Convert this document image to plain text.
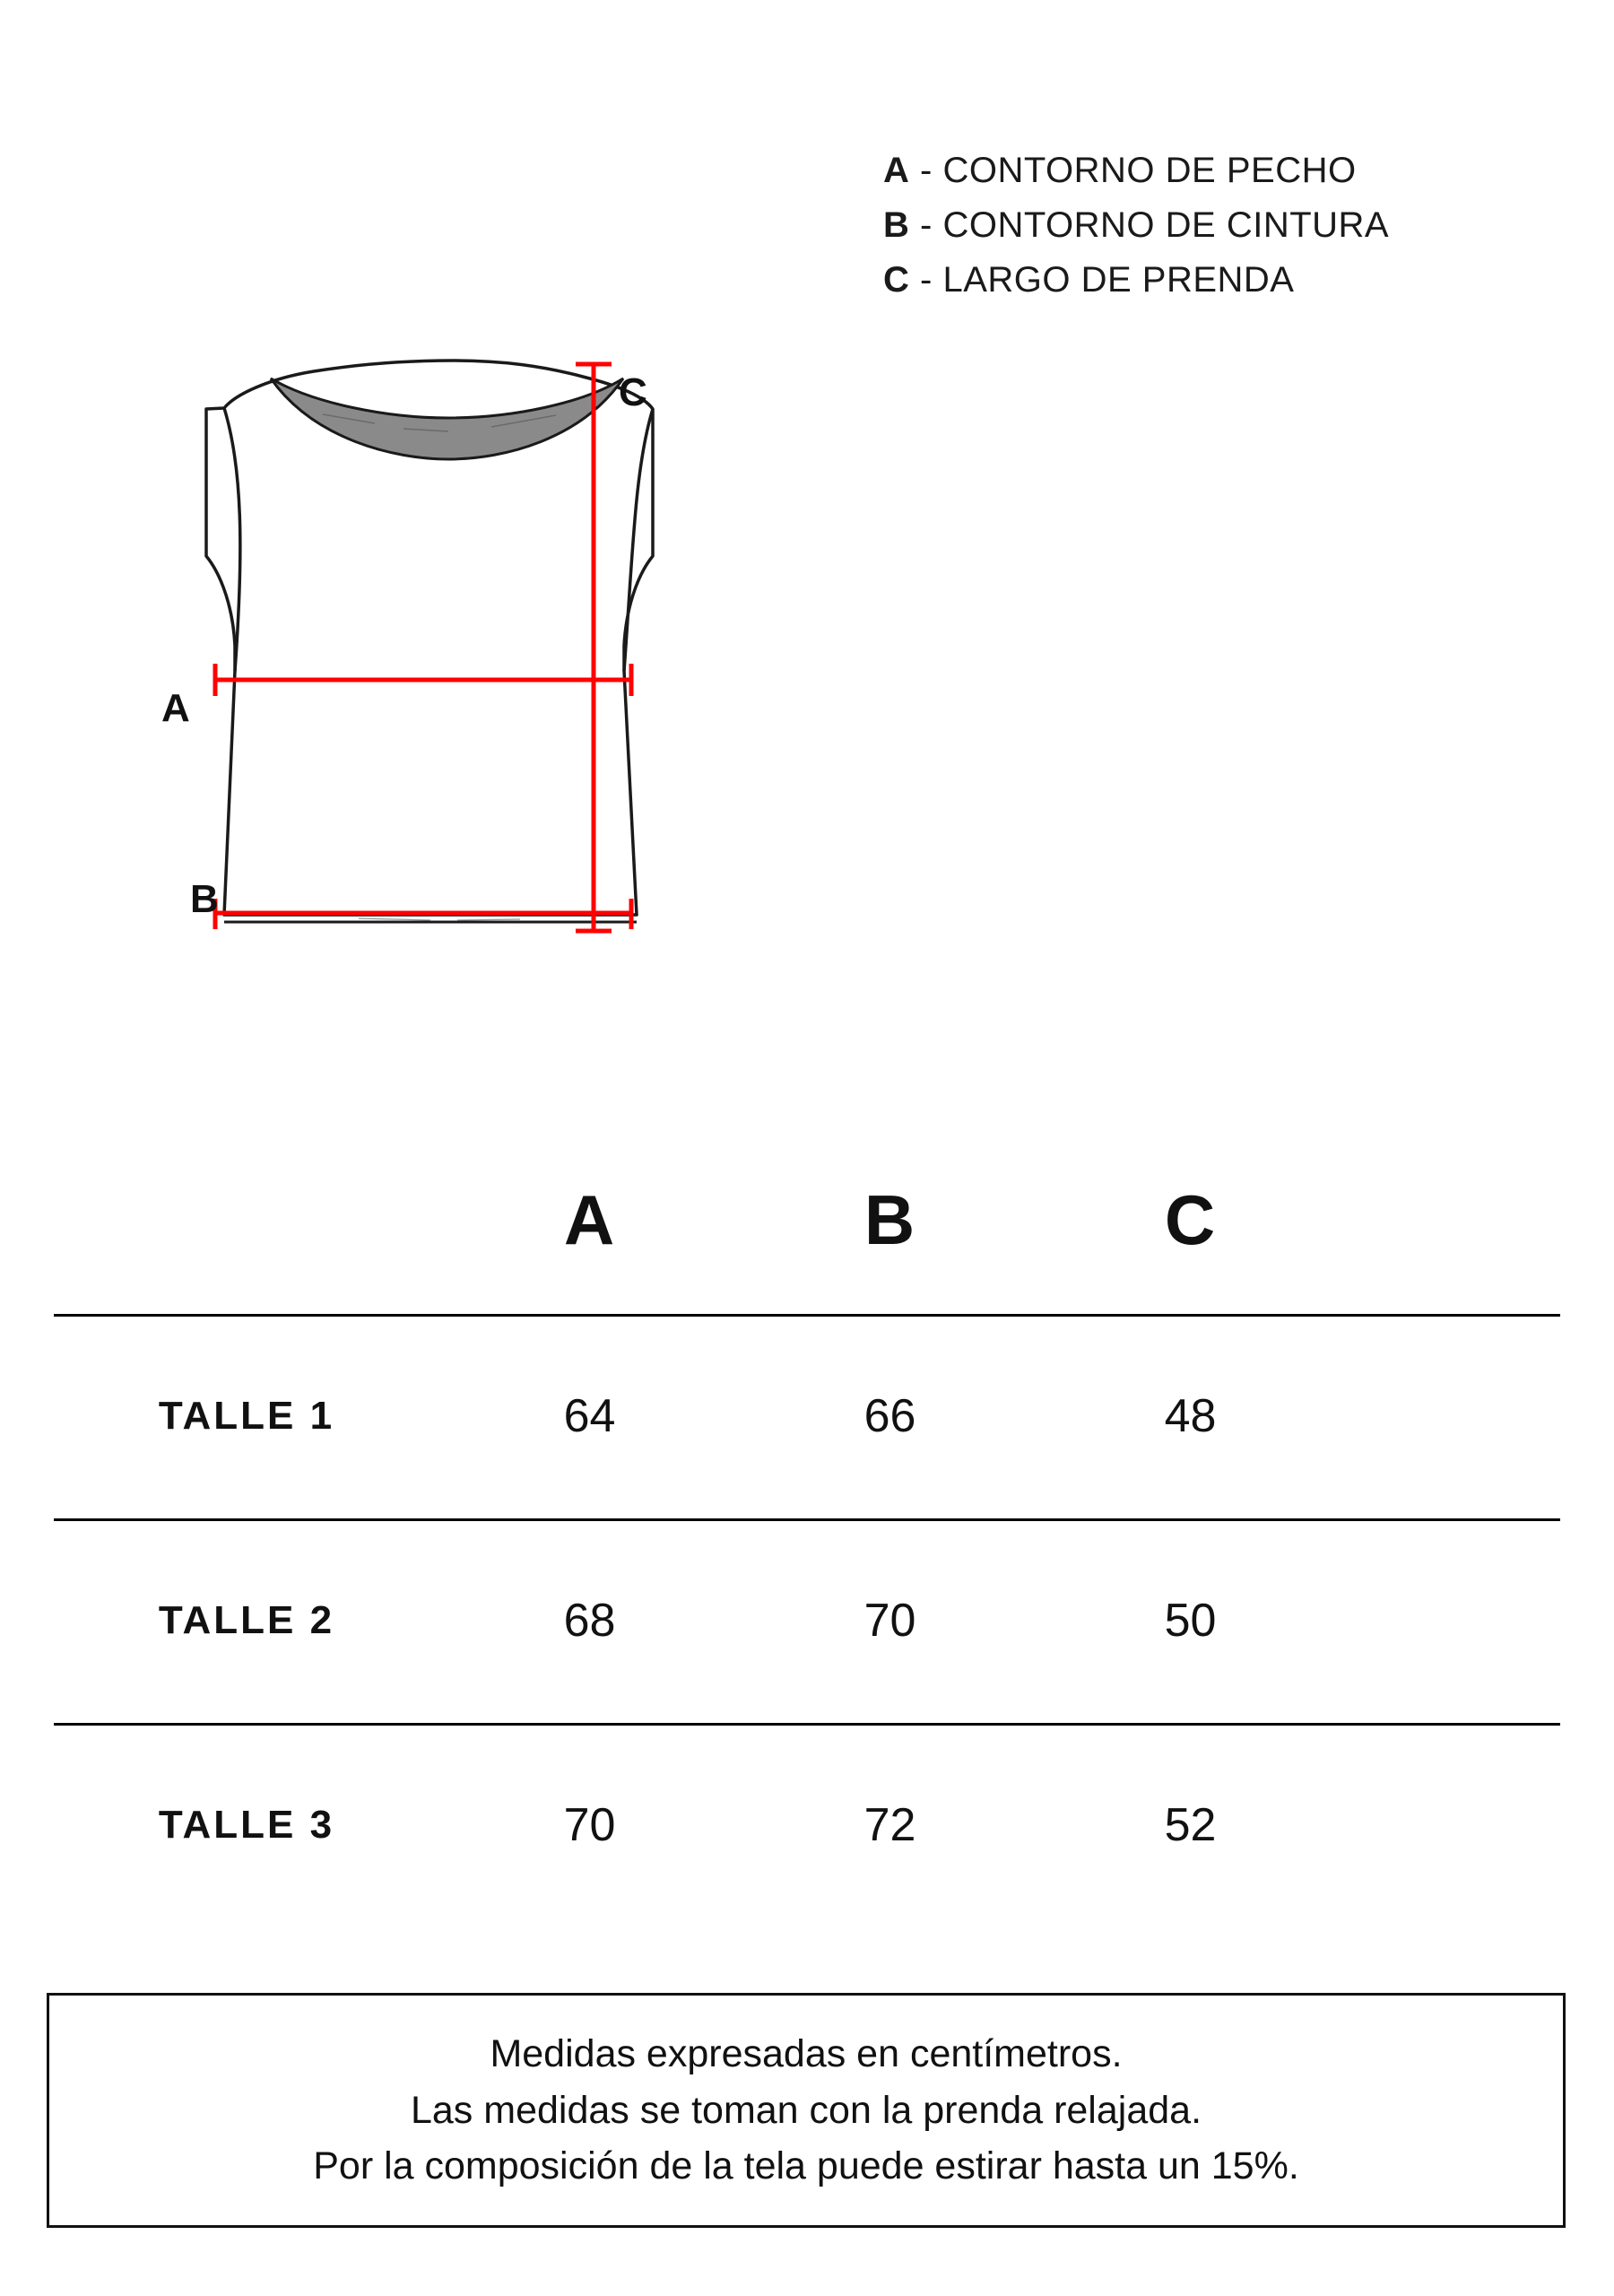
A - CONTORNO DE PECHO
B - CONTORNO DE CINTURA
C - LARGO DE PRENDA
A
B
C
	A	B	C	
TALLE 1	64	66	48	
TALLE 2	68	70	50	
TALLE 3	70	72	52	
Medidas expresadas en centímetros.
Las medidas se toman con la prenda relajada.
Por la composición de la tela puede estirar hasta un 15%.
